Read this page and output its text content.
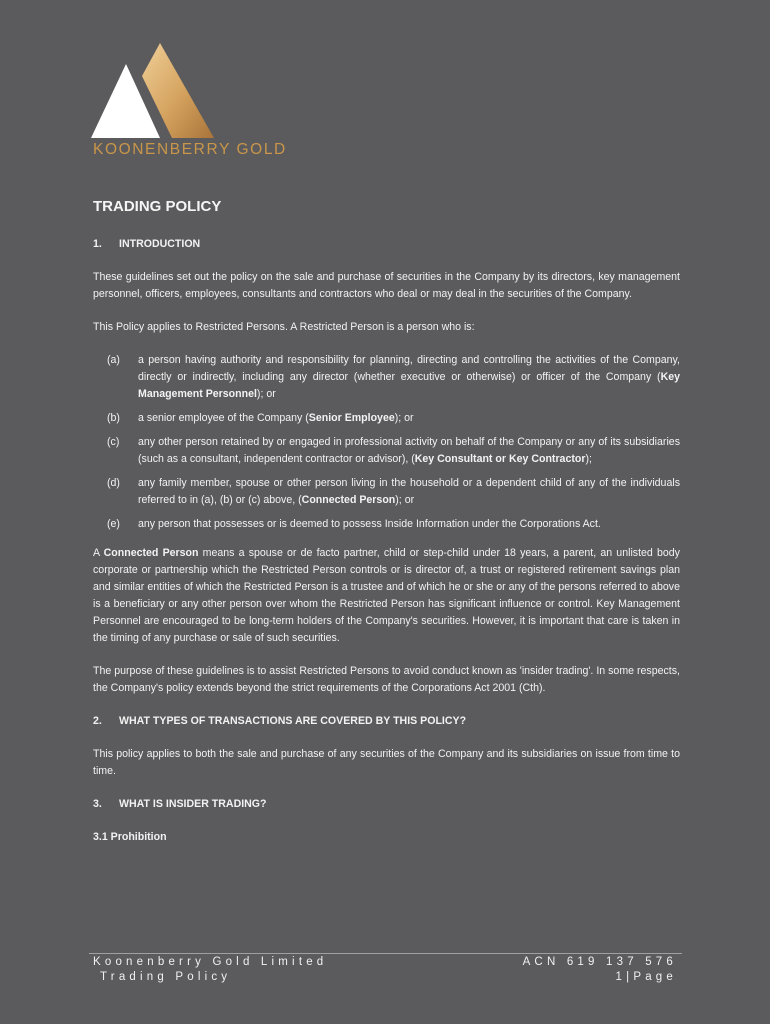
KOONENBERRY GOLD
TRADING POLICY
1.	INTRODUCTION

These guidelines set out the policy on the sale and purchase of securities in the Company by its directors, key management personnel, officers, employees, consultants and contractors who deal or may deal in the securities of the Company.

This Policy applies to Restricted Persons. A Restricted Person is a person who is:

(a)	a person having authority and responsibility for planning, directing and controlling the activities of the Company, directly or indirectly, including any director (whether executive or otherwise) or officer of the Company (Key Management Personnel); or
(b)	a senior employee of the Company (Senior Employee); or
(c)	any other person retained by or engaged in professional activity on behalf of the Company or any of its subsidiaries (such as a consultant, independent contractor or advisor), (Key Consultant or Key Contractor);
(d)	any family member, spouse or other person living in the household or a dependent child of any of the individuals referred to in (a), (b) or (c) above, (Connected Person); or
(e)	any person that possesses or is deemed to possess Inside Information under the Corporations Act.

A Connected Person means a spouse or de facto partner, child or step-child under 18 years, a parent, an unlisted body corporate or partnership which the Restricted Person controls or is director of, a trust or registered retirement savings plan and similar entities of which the Restricted Person is a trustee and of which he or she or any of the persons referred to above is a beneficiary or any other person over whom the Restricted Person has significant influence or control. Key Management Personnel are encouraged to be long-term holders of the Company's securities. However, it is important that care is taken in the timing of any purchase or sale of such securities.

The purpose of these guidelines is to assist Restricted Persons to avoid conduct known as 'insider trading'. In some respects, the Company's policy extends beyond the strict requirements of the Corporations Act 2001 (Cth).

2.	WHAT TYPES OF TRANSACTIONS ARE COVERED BY THIS POLICY?

This policy applies to both the sale and purchase of any securities of the Company and its subsidiaries on issue from time to time.

3.	WHAT IS INSIDER TRADING?
3.1 Prohibition
Koonenberry Gold Limited
Trading Policy
ACN 619 137 576
1|Page
